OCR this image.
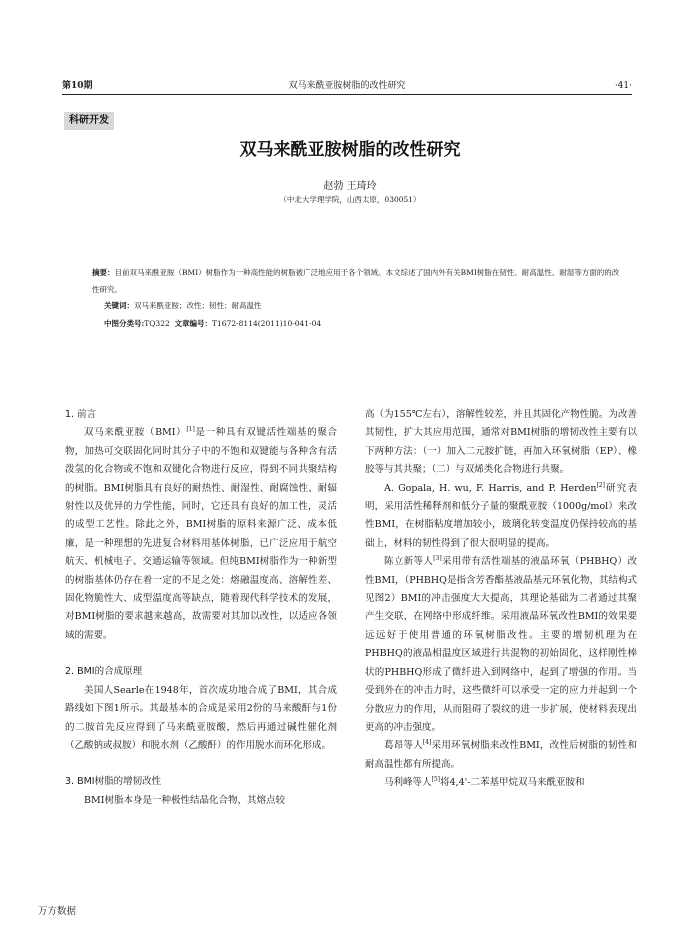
第10期	双马来酰亚胺树脂的改性研究	·41·
科研开发
双马来酰亚胺树脂的改性研究
赵勃 王琦玲
（中北大学理学院，山西太原，030051）
摘要：目前双马来酰亚胺（BMI）树脂作为一种高性能的树脂被广泛地应用于各个领域。本文综述了国内外有关BMI树脂在韧性、耐高温性、耐湿等方面的的改性研究。
关键词：双马来酰亚胺；改性；韧性；耐高温性
中图分类号:TQ322 文章编号：T1672-8114(2011)10-041-04
1. 前言

双马来酰亚胺（BMI）[1]是一种具有双键活性端基的聚合物，加热可交联固化同时其分子中的不饱和双键能与各种含有活泼氢的化合物或不饱和双键化合物进行反应，得到不同共聚结构的树脂。BMI树脂具有良好的耐热性、耐湿性、耐腐蚀性、耐辐射性以及优异的力学性能，同时，它还具有良好的加工性，灵活的成型工艺性。除此之外，BMI树脂的原料来源广泛、成本低廉，是一种理想的先进复合材料用基体树脂，已广泛应用于航空航天、机械电子、交通运输等领域。但纯BMI树脂作为一种新型的树脂基体仍存在着一定的不足之处：熔融温度高、溶解性差、固化物脆性大、成型温度高等缺点，随着现代科学技术的发展，对BMI树脂的要求越来越高，故需要对其加以改性，以适应各领域的需要。

2. BMI的合成原理

美国人Searle在1948年，首次成功地合成了BMI，其合成路线如下图1所示。其最基本的合成是采用2份的马来酸酐与1份的二胺首先反应得到了马来酰亚胺酸，然后再通过碱性催化剂（乙酸钠或叔胺）和脱水剂（乙酸酐）的作用脱水而环化形成。

3. BMI树脂的增韧改性

BMI树脂本身是一种极性结晶化合物，其熔点较

高（为155℃左右），溶解性较差，并且其固化产物性脆。为改善其韧性，扩大其应用范围，通常对BMI树脂的增韧改性主要有以下两种方法：（一）加入二元胺扩链，再加入环氧树脂（EP）、橡胶等与其共聚；（二）与双烯类化合物进行共聚。

A. Gopala, H. wu, F. Harris, and P. Herden[2]研究表明，采用活性稀释剂和低分子量的聚酰亚胺（1000g/mol）来改性BMI，在树脂粘度增加较小，玻璃化转变温度仍保持较高的基础上，材料的韧性得到了很大很明显的提高。

陈立新等人[3]采用带有活性端基的液晶环氧（PHBHQ）改性BMI，（PHBHQ是指含芳香酯基液晶基元环氧化物，其结构式见图2）BMI的冲击强度大大提高，其理论基础为二者通过其聚产生交联，在网络中形成纤维。采用液晶环氧改性BMI的效果要远远好于使用普通的环氧树脂改性。主要的增韧机理为在PHBHQ的液晶相温度区域进行共混物的初始固化，这样刚性棒状的PHBHQ形成了微纤进入到网络中，起到了增强的作用。当受到外在的冲击力时，这些微纤可以承受一定的应力并起到一个分散应力的作用，从而阻碍了裂纹的进一步扩展，使材料表现出更高的冲击强度。

葛昂等人[4]采用环氧树脂来改性BMI，改性后树脂的韧性和耐高温性都有所提高。

马利峰等人[5]将4,4'-二苯基甲烷双马来酰亚胺和

万方数据
